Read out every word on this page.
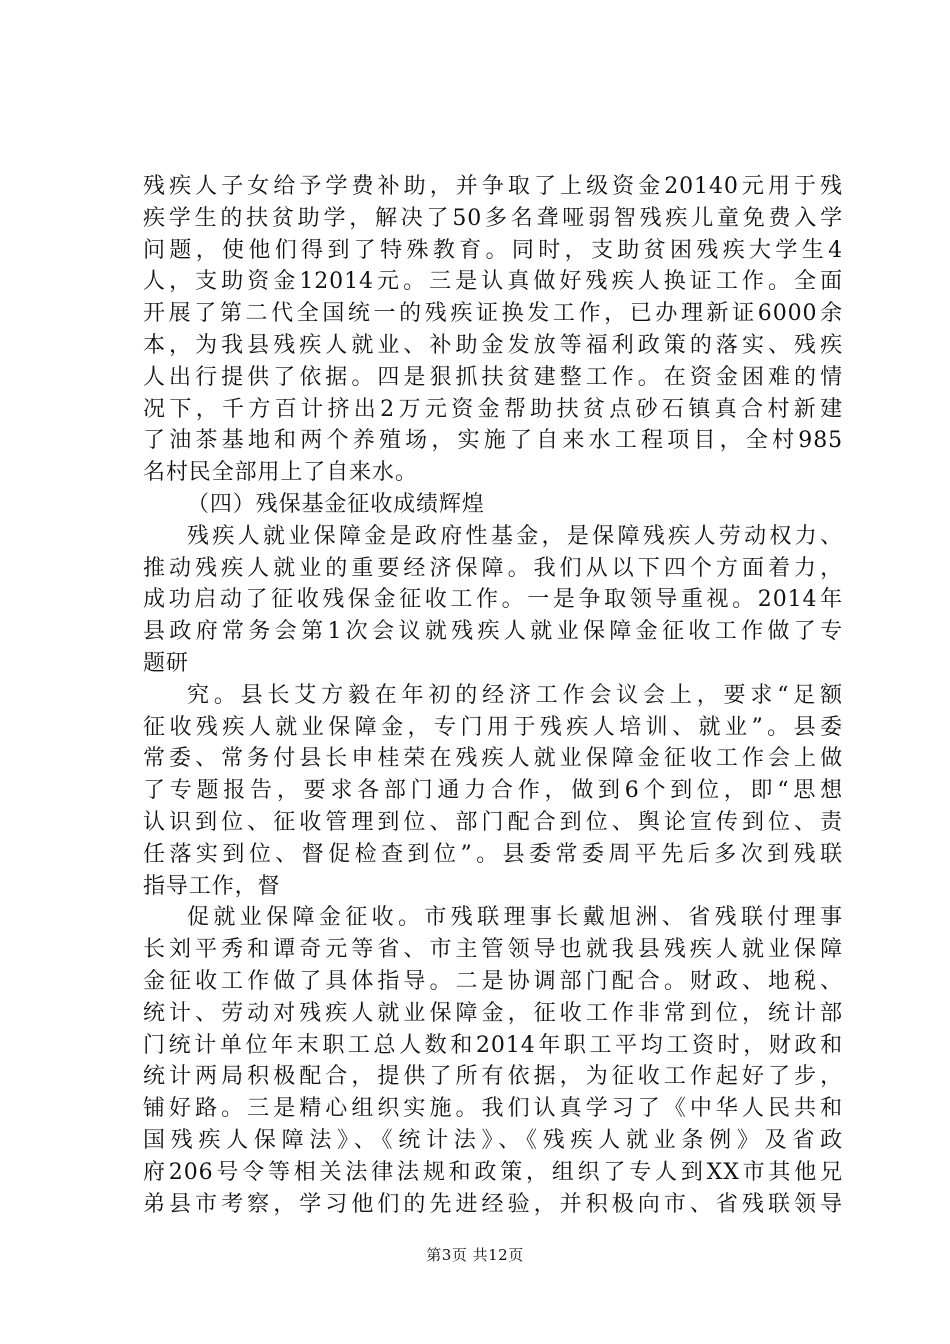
残疾人子女给予学费补助，并争取了上级资金20140元用于残
疾学生的扶贫助学，解决了50多名聋哑弱智残疾儿童免费入学
问题，使他们得到了特殊教育。同时，支助贫困残疾大学生4
人，支助资金12014元。三是认真做好残疾人换证工作。全面
开展了第二代全国统一的残疾证换发工作，已办理新证6000余
本，为我县残疾人就业、补助金发放等福利政策的落实、残疾
人出行提供了依据。四是狠抓扶贫建整工作。在资金困难的情
况下，千方百计挤出2万元资金帮助扶贫点砂石镇真合村新建
了油茶基地和两个养殖场，实施了自来水工程项目，全村985
名村民全部用上了自来水。
（四）残保基金征收成绩辉煌
残疾人就业保障金是政府性基金，是保障残疾人劳动权力、
推动残疾人就业的重要经济保障。我们从以下四个方面着力，
成功启动了征收残保金征收工作。一是争取领导重视。2014年
县政府常务会第1次会议就残疾人就业保障金征收工作做了专
题研
究。县长艾方毅在年初的经济工作会议会上，要求“足额
征收残疾人就业保障金，专门用于残疾人培训、就业”。县委
常委、常务付县长申桂荣在残疾人就业保障金征收工作会上做
了专题报告，要求各部门通力合作，做到6个到位，即“思想
认识到位、征收管理到位、部门配合到位、舆论宣传到位、责
任落实到位、督促检查到位”。县委常委周平先后多次到残联
指导工作，督
促就业保障金征收。市残联理事长戴旭洲、省残联付理事
长刘平秀和谭奇元等省、市主管领导也就我县残疾人就业保障
金征收工作做了具体指导。二是协调部门配合。财政、地税、
统计、劳动对残疾人就业保障金，征收工作非常到位，统计部
门统计单位年末职工总人数和2014年职工平均工资时，财政和
统计两局积极配合，提供了所有依据，为征收工作起好了步，
铺好路。三是精心组织实施。我们认真学习了《中华人民共和
国残疾人保障法》、《统计法》、《残疾人就业条例》及省政
府206号令等相关法律法规和政策，组织了专人到XX市其他兄
弟县市考察，学习他们的先进经验，并积极向市、省残联领导
第3页 共12页
